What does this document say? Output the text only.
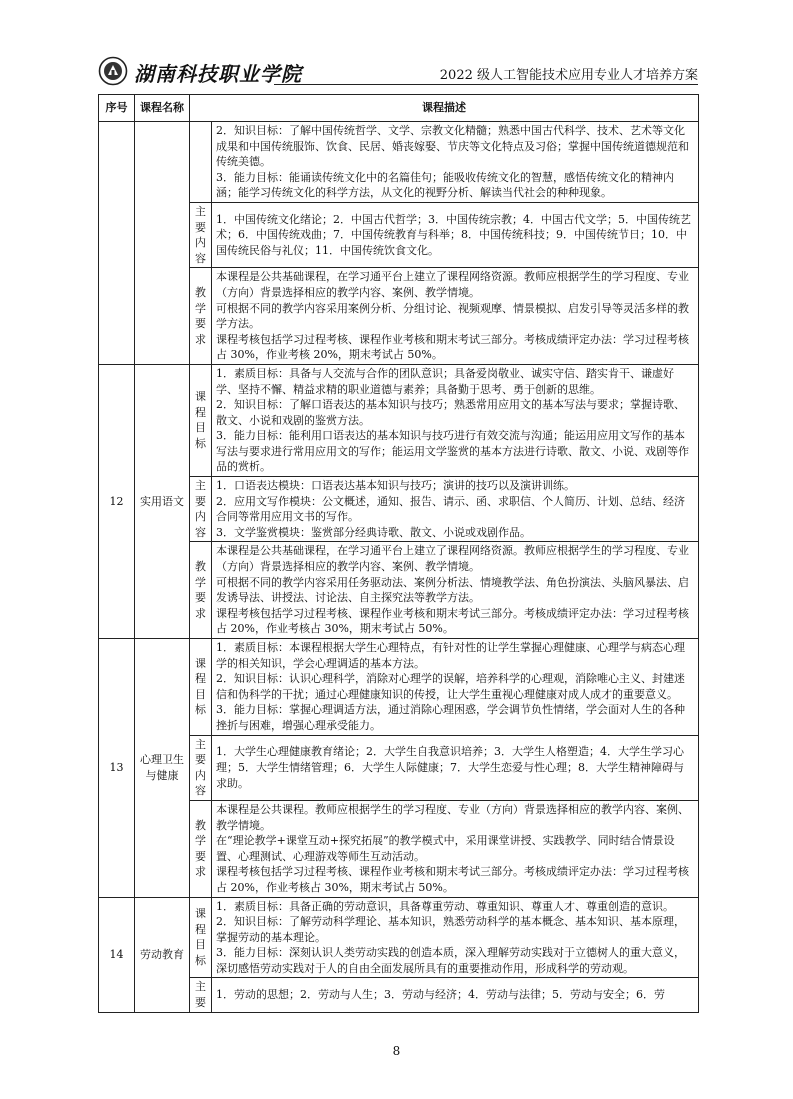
湖南科技职业学院	2022 级人工智能技术应用专业人才培养方案
序号	课程名称	课程描述	

			2．知识目标：了解中国传统哲学、文学、宗教文化精髓；熟悉中国古代科学、技术、艺术等文化成果和中国传统服饰、饮食、民居、婚丧嫁娶、节庆等文化特点及习俗；掌握中国传统道德规范和传统美德。
3．能力目标：能诵读传统文化中的名篇佳句；能吸收传统文化的智慧，感悟传统文化的精神内涵；能学习传统文化的科学方法，从文化的视野分析、解读当代社会的种种现象。

		主要内容	1．中国传统文化绪论；2．中国古代哲学；3．中国传统宗教；4．中国古代文学；5．中国传统艺术；6．中国传统戏曲；7．中国传统教育与科举；8．中国传统科技；9．中国传统节日；10．中国传统民俗与礼仪；11．中国传统饮食文化。

		教学要求	本课程是公共基础课程，在学习通平台上建立了课程网络资源。教师应根据学生的学习程度、专业（方向）背景选择相应的教学内容、案例、教学情境。
可根据不同的教学内容采用案例分析、分组讨论、视频观摩、情景模拟、启发引导等灵活多样的教学方法。
课程考核包括学习过程考核、课程作业考核和期末考试三部分。考核成绩评定办法：学习过程考核占 30%，作业考核 20%，期末考试占 50%。

12	实用语文	课程目标	1．素质目标：具备与人交流与合作的团队意识；具备爱岗敬业、诚实守信、踏实肯干、谦虚好学、坚持不懈、精益求精的职业道德与素养；具备勤于思考、勇于创新的思维。
2．知识目标：了解口语表达的基本知识与技巧；熟悉常用应用文的基本写法与要求；掌握诗歌、散文、小说和戏剧的鉴赏方法。
3．能力目标：能利用口语表达的基本知识与技巧进行有效交流与沟通；能运用应用文写作的基本写法与要求进行常用应用文的写作；能运用文学鉴赏的基本方法进行诗歌、散文、小说、戏剧等作品的赏析。

		主要内容	1．口语表达模块：口语表达基本知识与技巧；演讲的技巧以及演讲训练。
2．应用文写作模块：公文概述，通知、报告、请示、函、求职信、个人简历、计划、总结、经济合同等常用应用文书的写作。
3．文学鉴赏模块：鉴赏部分经典诗歌、散文、小说或戏剧作品。

		教学要求	本课程是公共基础课程，在学习通平台上建立了课程网络资源。教师应根据学生的学习程度、专业（方向）背景选择相应的教学内容、案例、教学情境。
可根据不同的教学内容采用任务驱动法、案例分析法、情境教学法、角色扮演法、头脑风暴法、启发诱导法、讲授法、讨论法、自主探究法等教学方法。
课程考核包括学习过程考核、课程作业考核和期末考试三部分。考核成绩评定办法：学习过程考核占 20%，作业考核占 30%，期末考试占 50%。

13	心理卫生与健康	课程目标	1．素质目标：本课程根据大学生心理特点，有针对性的让学生掌握心理健康、心理学与病态心理学的相关知识，学会心理调适的基本方法。
2．知识目标：认识心理科学，消除对心理学的误解，培养科学的心理观，消除唯心主义、封建迷信和伪科学的干扰；通过心理健康知识的传授，让大学生重视心理健康对成人成才的重要意义。
3．能力目标：掌握心理调适方法，通过消除心理困惑，学会调节负性情绪，学会面对人生的各种挫折与困难，增强心理承受能力。

		主要内容	1．大学生心理健康教育绪论；2．大学生自我意识培养；3．大学生人格塑造；4．大学生学习心理；5．大学生情绪管理；6．大学生人际健康；7．大学生恋爱与性心理；8．大学生精神障碍与求助。

		教学要求	本课程是公共课程。教师应根据学生的学习程度、专业（方向）背景选择相应的教学内容、案例、教学情境。
在“理论教学+课堂互动+探究拓展”的教学模式中，采用课堂讲授、实践教学、同时结合情景设置、心理测试、心理游戏等师生互动活动。
课程考核包括学习过程考核、课程作业考核和期末考试三部分。考核成绩评定办法：学习过程考核占 20%，作业考核占 30%，期末考试占 50%。

14	劳动教育	课程目标	1．素质目标：具备正确的劳动意识，具备尊重劳动、尊重知识、尊重人才、尊重创造的意识。
2．知识目标：了解劳动科学理论、基本知识，熟悉劳动科学的基本概念、基本知识、基本原理，掌握劳动的基本理论。
3．能力目标：深刻认识人类劳动实践的创造本质，深入理解劳动实践对于立德树人的重大意义，深切感悟劳动实践对于人的自由全面发展所具有的重要推动作用，形成科学的劳动观。

		主要	1．劳动的思想；2．劳动与人生；3．劳动与经济；4．劳动与法律；5．劳动与安全；6．劳
8
